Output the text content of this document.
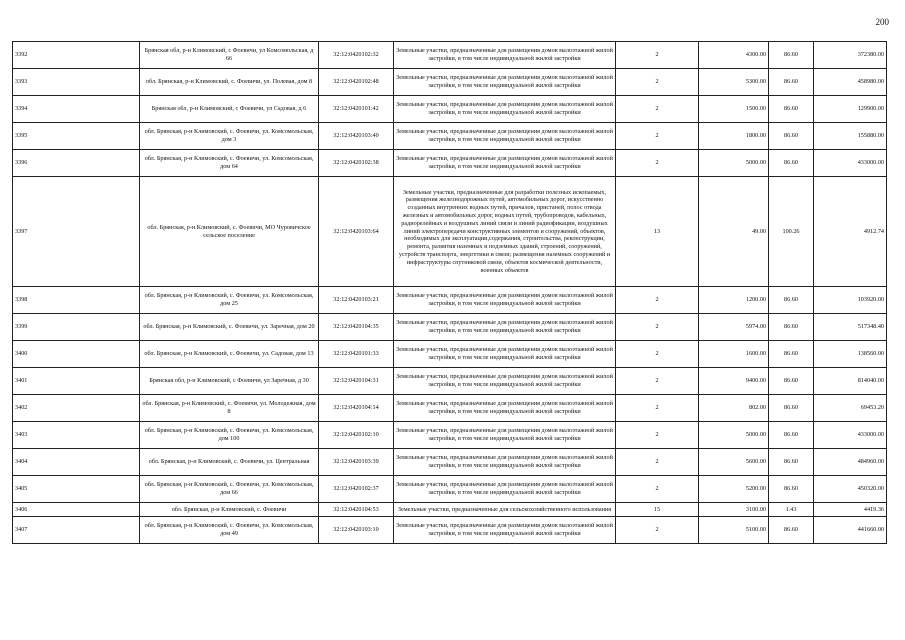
200
3392	Брянская обл, р-н Климовский, с Фоевичи, ул Комсомольская, д 66	32:12:0420102:32	Земельные участки, предназначенные для размещения домов малоэтажной жилой застройки, в том числе индивидуальной жилой застройки	2	4300.00	86.60	372380.00
3393	обл. Брянская, р-н Климовский, с. Фоевичи, ул. Полевая, дом 8	32:12:0420102:48	Земельные участки, предназначенные для размещения домов малоэтажной жилой застройки, в том числе индивидуальной жилой застройки	2	5300.00	86.60	458980.00
3394	Брянская обл, р-н Климовский, с Фоевичи, ул Садовая, д 6	32:12:0420101:42	Земельные участки, предназначенные для размещения домов малоэтажной жилой застройки, в том числе индивидуальной жилой застройки	2	1500.00	86.60	129900.00
3395	обл. Брянская, р-н Климовский, с. Фоевичи, ул. Комсомольская, дом 3	32:12:0420103:40	Земельные участки, предназначенные для размещения домов малоэтажной жилой застройки, в том числе индивидуальной жилой застройки	2	1800.00	86.60	155880.00
3396	обл. Брянская, р-н Климовский, с. Фоевичи, ул. Комсомольская, дом 64	32:12:0420102:38	Земельные участки, предназначенные для размещения домов малоэтажной жилой застройки, в том числе индивидуальной жилой застройки	2	5000.00	86.60	433000.00
3397	обл. Брянская, р-н Климовский, с. Фоевичи, МО Чуровичское сельское поселение	32:12:0420103:64	Земельные участки, предназначенные для разработки полезных ископаемых, размещения железнодорожных путей, автомобильных дорог, искусственно созданных внутренних водных путей, причалов, пристаней, полос отвода железных и автомобильных дорог, водных путей, трубопроводов, кабельных, радиорелейных и воздушных линий связи и линий радиофикации, воздушных линий электропередачи конструктивных элементов и сооружений, объектов, необходимых для эксплуатации,содержания, строительства, реконструкции, ремонта, развития наземных и подземных зданий, строений, сооружений, устройств транспорта, энергетики и связи; размещения наземных сооружений и инфраструктуры спутниковой связи, объектов космической деятельности, военных объектов	13	49.00	100.26	4912.74
3398	обл. Брянская, р-н Климовский, с. Фоевичи, ул. Комсомольская, дом 25	32:12:0420103:21	Земельные участки, предназначенные для размещения домов малоэтажной жилой застройки, в том числе индивидуальной жилой застройки	2	1200.00	86.60	103920.00
3399	обл. Брянская, р-н Климовский, с. Фоевичи, ул. Заречная, дом 20	32:12:0420104:35	Земельные участки, предназначенные для размещения домов малоэтажной жилой застройки, в том числе индивидуальной жилой застройки	2	5974.00	86.60	517348.40
3400	обл. Брянская, р-н Климовский, с. Фоевичи, ул. Садовая, дом 13	32:12:0420101:33	Земельные участки, предназначенные для размещения домов малоэтажной жилой застройки, в том числе индивидуальной жилой застройки	2	1600.00	86.60	138560.00
3401	Брянская обл, р-н Климовский, с Фоевичи, ул Заречная, д 30	32:12:0420104:31	Земельные участки, предназначенные для размещения домов малоэтажной жилой застройки, в том числе индивидуальной жилой застройки	2	9400.00	86.60	814040.00
3402	обл. Брянская, р-н Климовский, с. Фоевичи, ул. Молодежная, дом 8	32:12:0420104:14	Земельные участки, предназначенные для размещения домов малоэтажной жилой застройки, в том числе индивидуальной жилой застройки	2	802.00	86.60	69453.20
3403	обл. Брянская, р-н Климовский, с. Фоевичи, ул. Комсомольская, дом 100	32:12:0420102:10	Земельные участки, предназначенные для размещения домов малоэтажной жилой застройки, в том числе индивидуальной жилой застройки	2	5000.00	86.60	433000.00
3404	обл. Брянская, р-н Климовский, с. Фоевичи, ул. Центральная	32:12:0420103:39	Земельные участки, предназначенные для размещения домов малоэтажной жилой застройки, в том числе индивидуальной жилой застройки	2	5600.00	86.60	484960.00
3405	обл. Брянская, р-н Климовский, с. Фоевичи, ул. Комсомольская, дом 66	32:12:0420102:37	Земельные участки, предназначенные для размещения домов малоэтажной жилой застройки, в том числе индивидуальной жилой застройки	2	5200.00	86.60	450320.00
3406	обл. Брянская, р-н Климовский, с. Фоевичи	32:12:0420104:53	Земельные участки, предназначенные для сельскохозяйственного использования	15	3100.00	1.43	4419.36
3407	обл. Брянская, р-н Климовский, с. Фоевичи, ул. Комсомольская, дом 49	32:12:0420103:10	Земельные участки, предназначенные для размещения домов малоэтажной жилой застройки, в том числе индивидуальной жилой застройки	2	5100.00	86.60	441660.00
